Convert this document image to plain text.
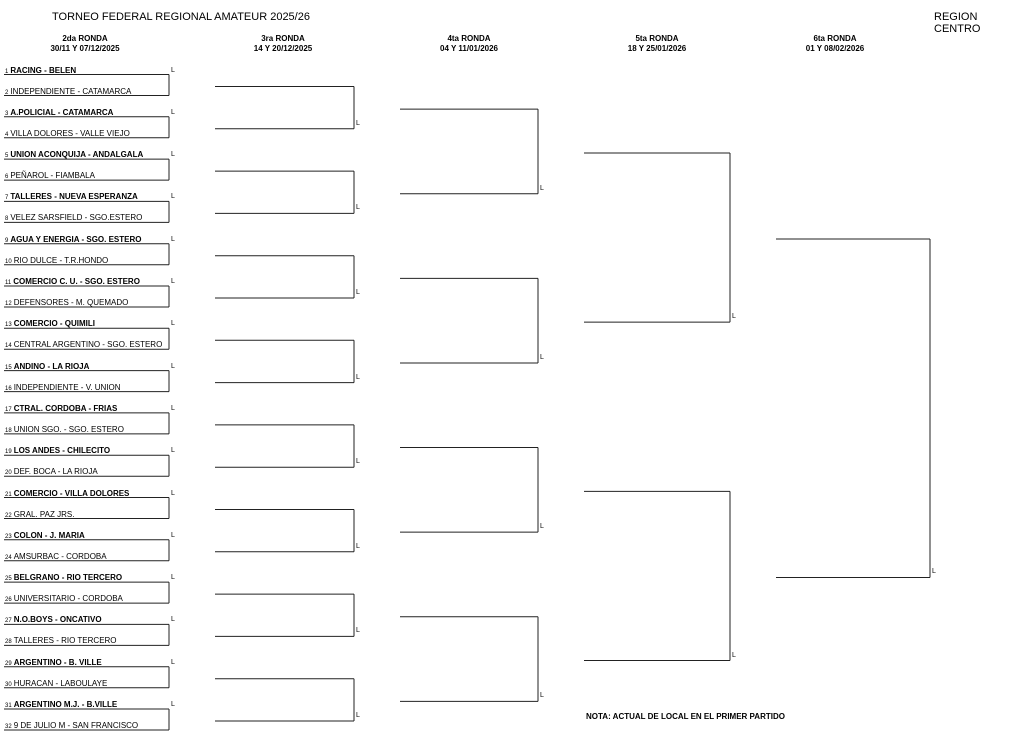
TORNEO FEDERAL REGIONAL AMATEUR 2025/26	REGION CENTRO
2da RONDA
30/11 Y 07/12/2025
3ra RONDA
14 Y 20/12/2025
4ta RONDA
04 Y 11/01/2026
5ta RONDA
18 Y 25/01/2026
6ta RONDA
01 Y 08/02/2026
1 RACING - BELEN
2 INDEPENDIENTE - CATAMARCA
3 A.POLICIAL - CATAMARCA
4 VILLA DOLORES - VALLE VIEJO
5 UNION ACONQUIJA - ANDALGALA
6 PEÑAROL - FIAMBALA
7 TALLERES - NUEVA ESPERANZA
8 VELEZ SARSFIELD - SGO.ESTERO
9 AGUA Y ENERGIA - SGO. ESTERO
10 RIO DULCE - T.R.HONDO
11 COMERCIO C. U. - SGO. ESTERO
12 DEFENSORES - M. QUEMADO
13 COMERCIO - QUIMILI
14 CENTRAL ARGENTINO - SGO. ESTERO
15 ANDINO - LA RIOJA
16 INDEPENDIENTE - V. UNION
17 CTRAL. CORDOBA - FRIAS
18 UNION SGO. - SGO. ESTERO
19 LOS ANDES - CHILECITO
20 DEF. BOCA - LA RIOJA
21 COMERCIO - VILLA DOLORES
22 GRAL. PAZ JRS.
23 COLON - J. MARIA
24 AMSURBAC - CORDOBA
25 BELGRANO - RIO TERCERO
26 UNIVERSITARIO - CORDOBA
27 N.O.BOYS - ONCATIVO
28 TALLERES - RIO TERCERO
29 ARGENTINO - B. VILLE
30 HURACAN - LABOULAYE
31 ARGENTINO M.J. - B.VILLE
32 9 DE JULIO M - SAN FRANCISCO
L
L
L
L
L
L
L
L
L
L
L
L
L
L
L
L
L
L
L
L
L
L
L
L
L
L
L
L
L
L
L
NOTA: ACTUAL DE LOCAL EN EL PRIMER PARTIDO
